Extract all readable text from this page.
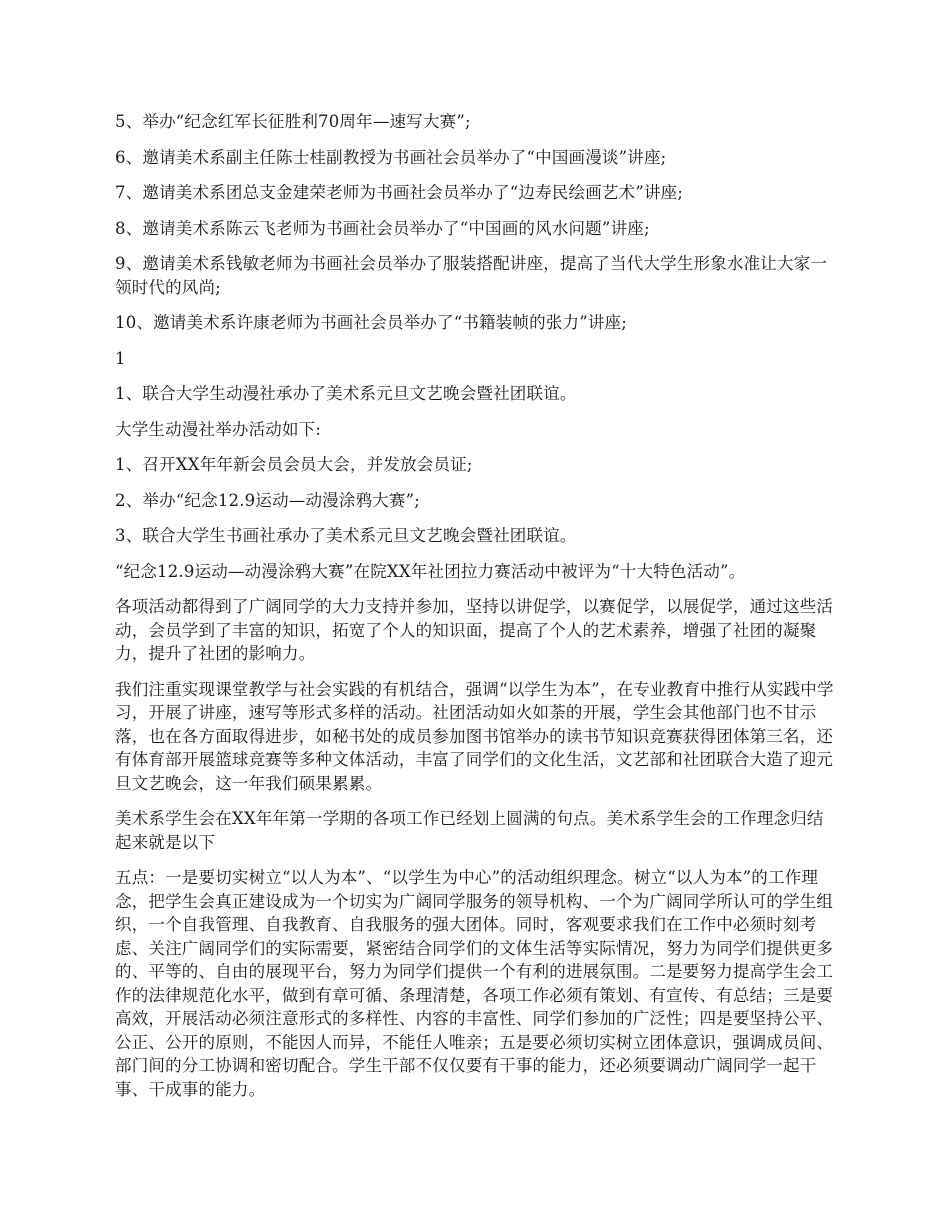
5、举办“纪念红军长征胜利70周年—速写大赛”;

6、邀请美术系副主任陈士桂副教授为书画社会员举办了“中国画漫谈”讲座;

7、邀请美术系团总支金建荣老师为书画社会员举办了“边寿民绘画艺术”讲座;

8、邀请美术系陈云飞老师为书画社会员举办了“中国画的风水问题”讲座;

9、邀请美术系钱敏老师为书画社会员举办了服装搭配讲座，提高了当代大学生形象水准让大家一领时代的风尚;

10、邀请美术系许康老师为书画社会员举办了“书籍装帧的张力”讲座;

1

1、联合大学生动漫社承办了美术系元旦文艺晚会暨社团联谊。

大学生动漫社举办活动如下:

1、召开XX年年新会员会员大会，并发放会员证;

2、举办“纪念12.9运动—动漫涂鸦大赛”;

3、联合大学生书画社承办了美术系元旦文艺晚会暨社团联谊。

“纪念12.9运动—动漫涂鸦大赛”在院XX年社团拉力赛活动中被评为“十大特色活动”。

各项活动都得到了广阔同学的大力支持并参加，坚持以讲促学，以赛促学，以展促学，通过这些活动，会员学到了丰富的知识，拓宽了个人的知识面，提高了个人的艺术素养，增强了社团的凝聚力，提升了社团的影响力。

我们注重实现课堂教学与社会实践的有机结合，强调“以学生为本”，在专业教育中推行从实践中学习，开展了讲座，速写等形式多样的活动。社团活动如火如荼的开展，学生会其他部门也不甘示落，也在各方面取得进步，如秘书处的成员参加图书馆举办的读书节知识竞赛获得团体第三名，还有体育部开展篮球竞赛等多种文体活动，丰富了同学们的文化生活，文艺部和社团联合大造了迎元旦文艺晚会，这一年我们硕果累累。

美术系学生会在XX年年第一学期的各项工作已经划上圆满的句点。美术系学生会的工作理念归结起来就是以下

五点：一是要切实树立“以人为本”、“以学生为中心”的活动组织理念。树立“以人为本”的工作理念，把学生会真正建设成为一个切实为广阔同学服务的领导机构、一个为广阔同学所认可的学生组织，一个自我管理、自我教育、自我服务的强大团体。同时，客观要求我们在工作中必须时刻考虑、关注广阔同学们的实际需要，紧密结合同学们的文体生活等实际情况，努力为同学们提供更多的、平等的、自由的展现平台，努力为同学们提供一个有利的进展氛围。二是要努力提高学生会工作的法律规范化水平，做到有章可循、条理清楚，各项工作必须有策划、有宣传、有总结；三是要高效，开展活动必须注意形式的多样性、内容的丰富性、同学们参加的广泛性；四是要坚持公平、公正、公开的原则，不能因人而异，不能任人唯亲；五是要必须切实树立团体意识，强调成员间、部门间的分工协调和密切配合。学生干部不仅仅要有干事的能力，还必须要调动广阔同学一起干事、干成事的能力。
